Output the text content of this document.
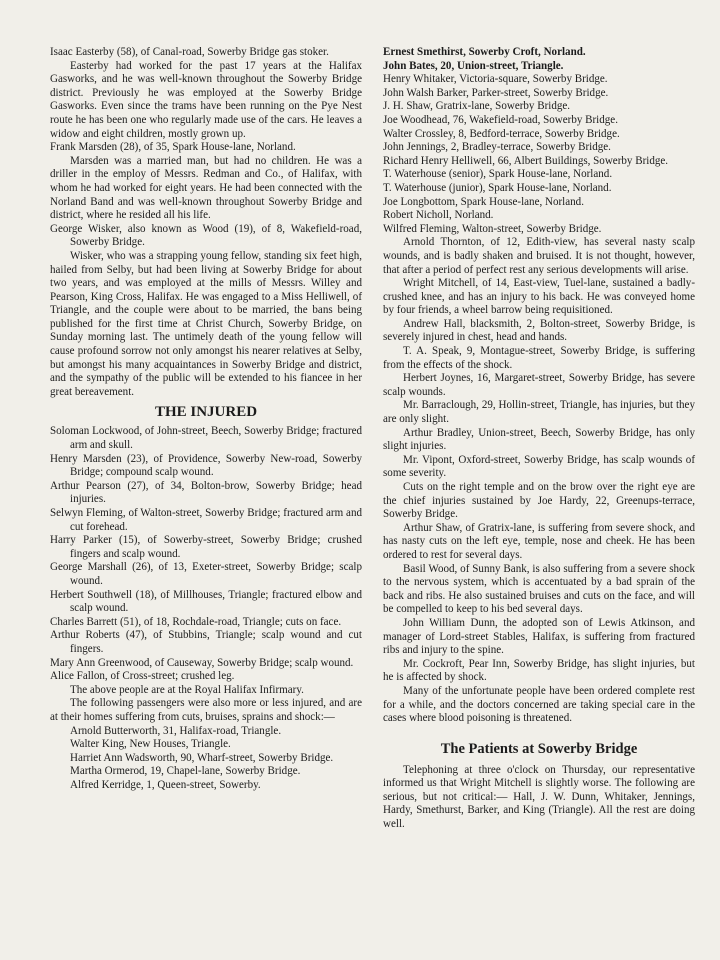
Isaac Easterby (58), of Canal-road, Sowerby Bridge gas stoker.

Easterby had worked for the past 17 years at the Halifax Gasworks, and he was well-known throughout the Sowerby Bridge district. Previously he was employed at the Sowerby Bridge Gasworks. Even since the trams have been running on the Pye Nest route he has been one who regularly made use of the cars. He leaves a widow and eight children, mostly grown up.

Frank Marsden (28), of 35, Spark House-lane, Norland.

Marsden was a married man, but had no children. He was a driller in the employ of Messrs. Redman and Co., of Halifax, with whom he had worked for eight years. He had been connected with the Norland Band and was well-known throughout Sowerby Bridge and district, where he resided all his life.

George Wisker, also known as Wood (19), of 8, Wakefield-road, Sowerby Bridge.

Wisker, who was a strapping young fellow, standing six feet high, hailed from Selby, but had been living at Sowerby Bridge for about two years, and was employed at the mills of Messrs. Willey and Pearson, King Cross, Halifax. He was engaged to a Miss Helliwell, of Triangle, and the couple were about to be married, the bans being published for the first time at Christ Church, Sowerby Bridge, on Sunday morning last. The untimely death of the young fellow will cause profound sorrow not only amongst his nearer relatives at Selby, but amongst his many acquaintances in Sowerby Bridge and district, and the sympathy of the public will be extended to his fiancee in her great bereavement.

THE INJURED

Soloman Lockwood, of John-street, Beech, Sowerby Bridge; fractured arm and skull.

Henry Marsden (23), of Providence, Sowerby New-road, Sowerby Bridge; compound scalp wound.

Arthur Pearson (27), of 34, Bolton-brow, Sowerby Bridge; head injuries.

Selwyn Fleming, of Walton-street, Sowerby Bridge; fractured arm and cut forehead.

Harry Parker (15), of Sowerby-street, Sowerby Bridge; crushed fingers and scalp wound.

George Marshall (26), of 13, Exeter-street, Sowerby Bridge; scalp wound.

Herbert Southwell (18), of Millhouses, Triangle; fractured elbow and scalp wound.

Charles Barrett (51), of 18, Rochdale-road, Triangle; cuts on face.

Arthur Roberts (47), of Stubbins, Triangle; scalp wound and cut fingers.

Mary Ann Greenwood, of Causeway, Sowerby Bridge; scalp wound.

Alice Fallon, of Cross-street; crushed leg.

The above people are at the Royal Halifax Infirmary.

The following passengers were also more or less injured, and are at their homes suffering from cuts, bruises, sprains and shock:—

Arnold Butterworth, 31, Halifax-road, Triangle.

Walter King, New Houses, Triangle.

Harriet Ann Wadsworth, 90, Wharf-street, Sowerby Bridge.

Martha Ormerod, 19, Chapel-lane, Sowerby Bridge.

Alfred Kerridge, 1, Queen-street, Sowerby.

Ernest Smethirst, Sowerby Croft, Norland.

John Bates, 20, Union-street, Triangle.

Henry Whitaker, Victoria-square, Sowerby Bridge.

John Walsh Barker, Parker-street, Sowerby Bridge.

J. H. Shaw, Gratrix-lane, Sowerby Bridge.

Joe Woodhead, 76, Wakefield-road, Sowerby Bridge.

Walter Crossley, 8, Bedford-terrace, Sowerby Bridge.

John Jennings, 2, Bradley-terrace, Sowerby Bridge.

Richard Henry Helliwell, 66, Albert Buildings, Sowerby Bridge.

T. Waterhouse (senior), Spark House-lane, Norland.

T. Waterhouse (junior), Spark House-lane, Norland.

Joe Longbottom, Spark House-lane, Norland.

Robert Nicholl, Norland.

Wilfred Fleming, Walton-street, Sowerby Bridge.

Arnold Thornton, of 12, Edith-view, has several nasty scalp wounds, and is badly shaken and bruised. It is not thought, however, that after a period of perfect rest any serious developments will arise.

Wright Mitchell, of 14, East-view, Tuel-lane, sustained a badly-crushed knee, and has an injury to his back. He was conveyed home by four friends, a wheel barrow being requisitioned.

Andrew Hall, blacksmith, 2, Bolton-street, Sowerby Bridge, is severely injured in chest, head and hands.

T. A. Speak, 9, Montague-street, Sowerby Bridge, is suffering from the effects of the shock.

Herbert Joynes, 16, Margaret-street, Sowerby Bridge, has severe scalp wounds.

Mr. Barraclough, 29, Hollin-street, Triangle, has injuries, but they are only slight.

Arthur Bradley, Union-street, Beech, Sowerby Bridge, has only slight injuries.

Mr. Vipont, Oxford-street, Sowerby Bridge, has scalp wounds of some severity.

Cuts on the right temple and on the brow over the right eye are the chief injuries sustained by Joe Hardy, 22, Greenups-terrace, Sowerby Bridge.

Arthur Shaw, of Gratrix-lane, is suffering from severe shock, and has nasty cuts on the left eye, temple, nose and cheek. He has been ordered to rest for several days.

Basil Wood, of Sunny Bank, is also suffering from a severe shock to the nervous system, which is accentuated by a bad sprain of the back and ribs. He also sustained bruises and cuts on the face, and will be compelled to keep to his bed several days.

John William Dunn, the adopted son of Lewis Atkinson, and manager of Lord-street Stables, Halifax, is suffering from fractured ribs and injury to the spine.

Mr. Cockroft, Pear Inn, Sowerby Bridge, has slight injuries, but he is affected by shock.

Many of the unfortunate people have been ordered complete rest for a while, and the doctors concerned are taking special care in the cases where blood poisoning is threatened.

The Patients at Sowerby Bridge

Telephoning at three o'clock on Thursday, our representative informed us that Wright Mitchell is slightly worse. The following are serious, but not critical:— Hall, J. W. Dunn, Whitaker, Jennings, Hardy, Smethurst, Barker, and King (Triangle). All the rest are doing well.
